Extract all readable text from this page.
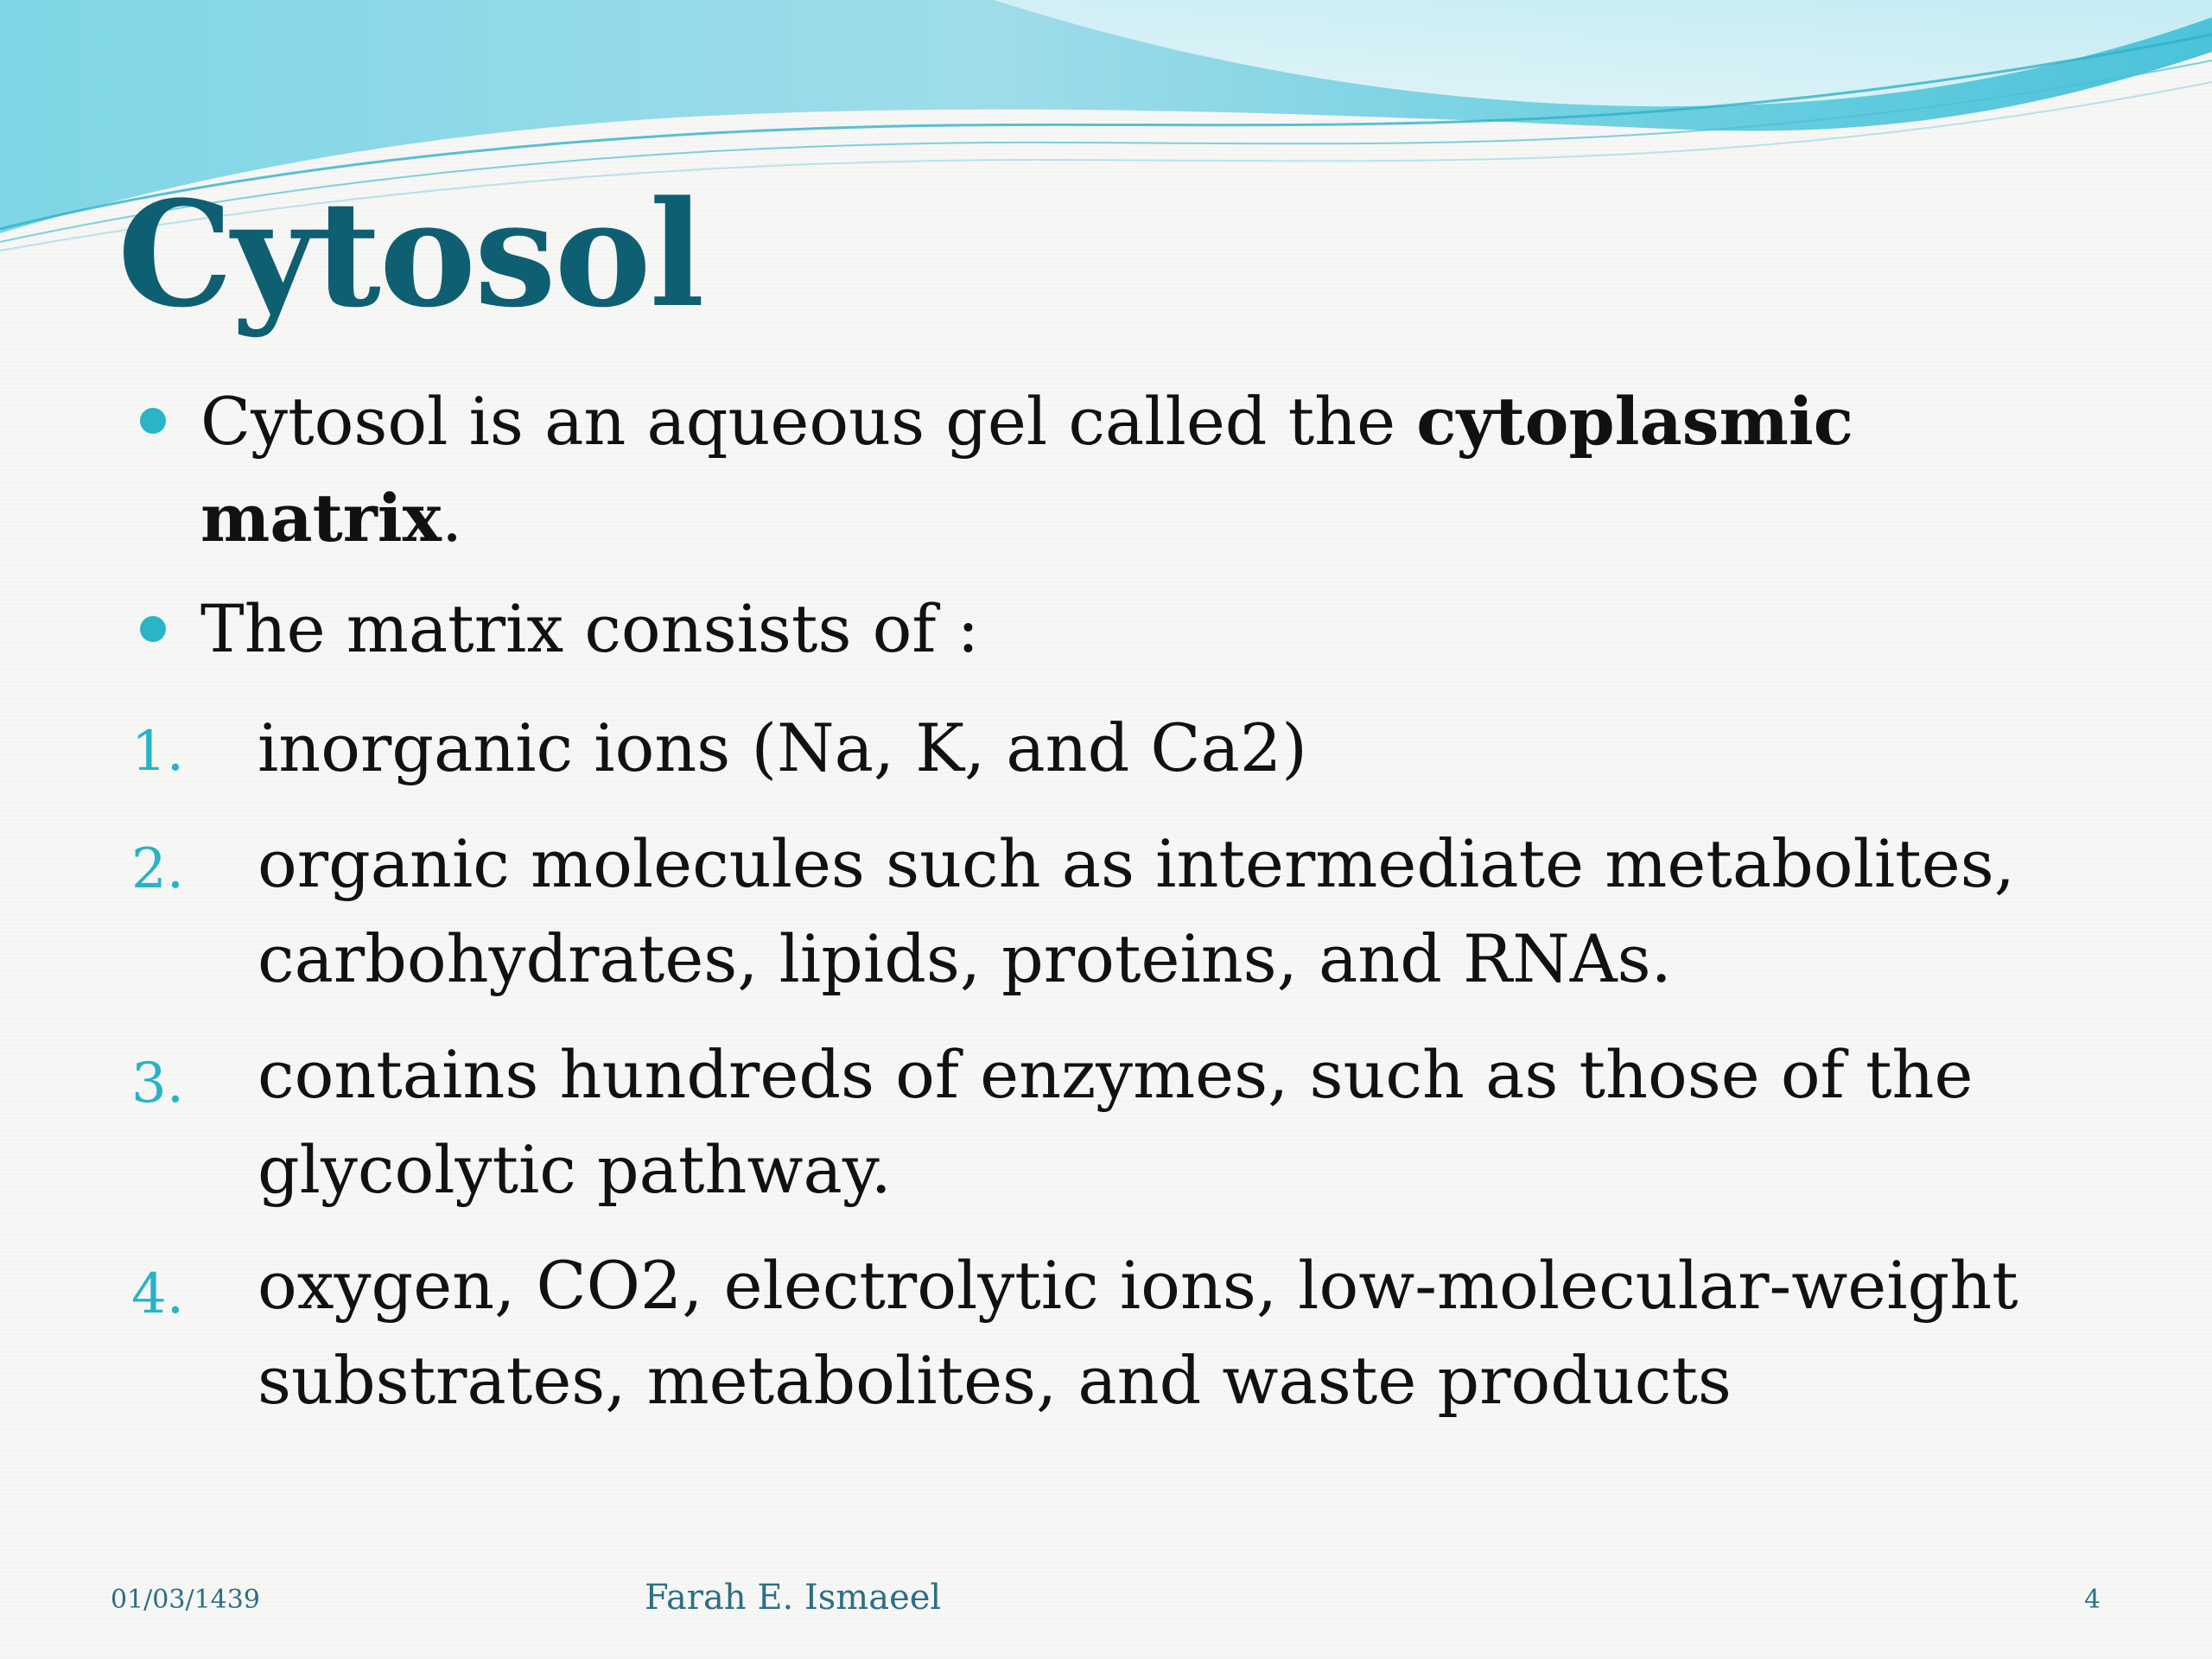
Cytosol

Cytosol is an aqueous gel called the cytoplasmic

matrix.

The matrix consists of :

1. inorganic ions (Na, K, and Ca2)

2. organic molecules such as intermediate metabolites,

carbohydrates, lipids, proteins, and RNAs.

3. contains hundreds of enzymes, such as those of the

glycolytic pathway.

4. oxygen, CO2, electrolytic ions, low-molecular-weight

substrates, metabolites, and waste products

01/03/1439	Farah E. Ismaeel	4
